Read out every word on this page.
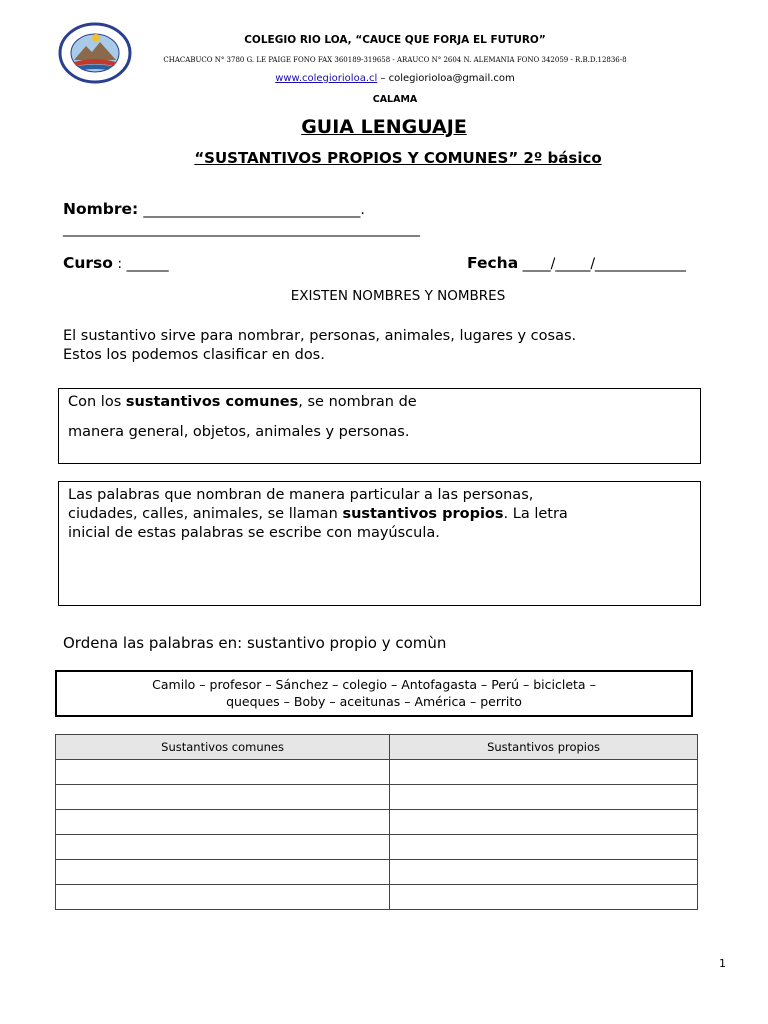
COLEGIO RIO LOA, “CAUCE QUE FORJA EL FUTURO”
CHACABUCO N° 3780 G. LE PAIGE FONO FAX 360189-319658 - ARAUCO N° 2604 N. ALEMANIA FONO 342059 - R.B.D.12836-8
www.colegiorioloa.cl – colegiorioloa@gmail.com
CALAMA
GUIA LENGUAJE
“SUSTANTIVOS PROPIOS Y COMUNES” 2º básico
Nombre: _______________________________.
___________________________________________________
Curso : ______	Fecha ____/_____/_____________
EXISTEN NOMBRES Y NOMBRES
El sustantivo sirve para nombrar, personas, animales, lugares y cosas.
Estos los podemos clasificar en dos.
Con los sustantivos comunes, se nombran de
manera general, objetos, animales y personas.
Las palabras que nombran de manera particular a las personas,
ciudades, calles, animales, se llaman sustantivos propios. La letra
inicial de estas palabras se escribe con mayúscula.
Ordena las palabras en: sustantivo propio y comùn
Camilo – profesor – Sánchez – colegio – Antofagasta – Perú – bicicleta –
queques – Boby – aceitunas – América – perrito
Sustantivos comunes	Sustantivos propios

1
